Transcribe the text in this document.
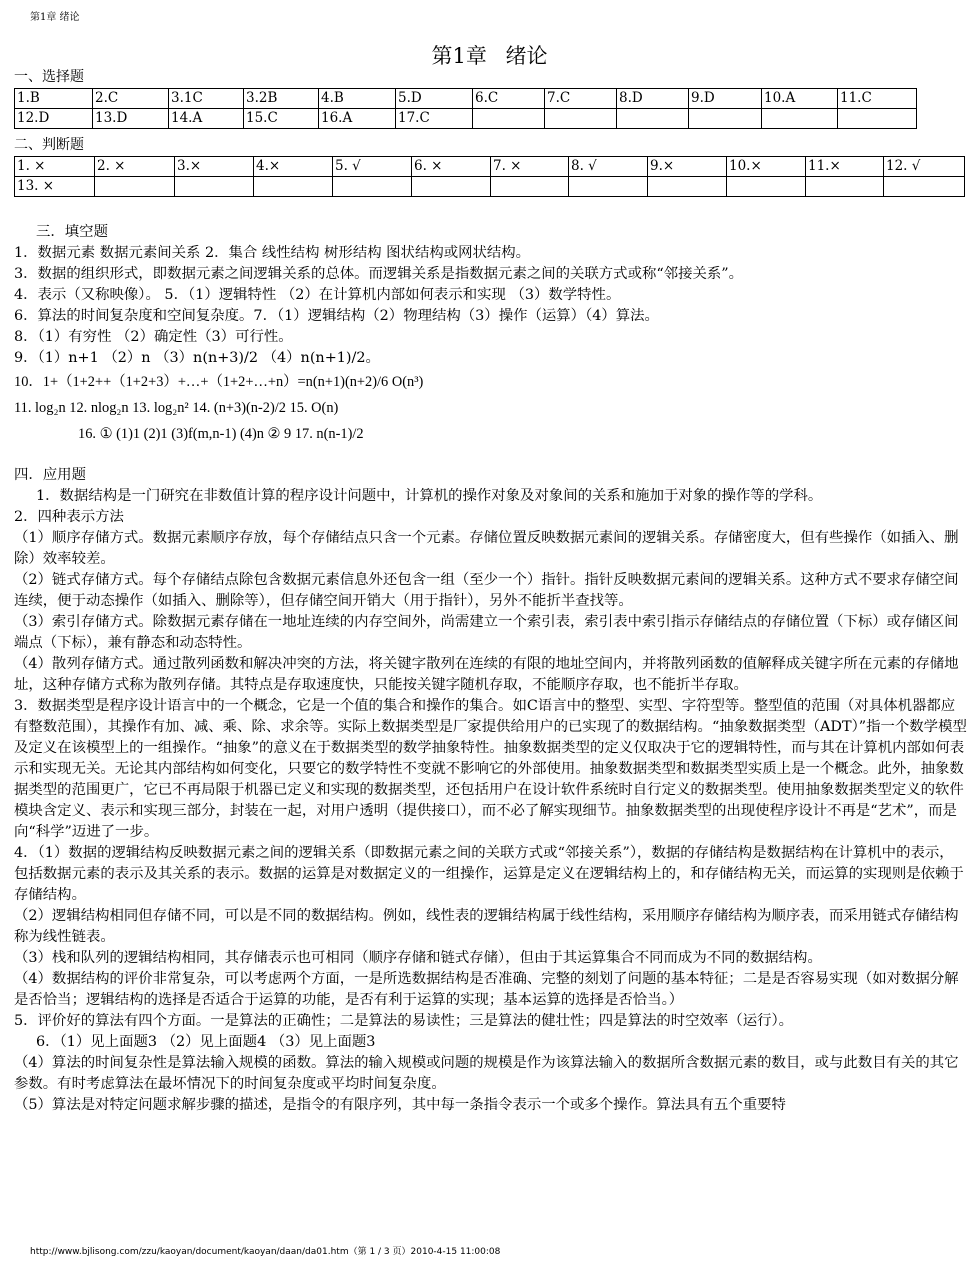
第1章 绪论
第1章 绪论
一、选择题
1.B	2.C	3.1C	3.2B	4.B	5.D	6.C	7.C	8.D	9.D	10.A	11.C
12.D	13.D	14.A	15.C	16.A	17.C						
二、判断题
1. ×	2. ×	3.×	4.×	5. √	6. ×	7. ×	8. √	9.×	10.×	11.×	12. √
13. ×											

三．填空题

1．数据元素 数据元素间关系 2．集合 线性结构 树形结构 图状结构或网状结构。

3．数据的组织形式，即数据元素之间逻辑关系的总体。而逻辑关系是指数据元素之间的关联方式或称“邻接关系”。

4．表示（又称映像）。 5．（1）逻辑特性 （2）在计算机内部如何表示和实现 （3）数学特性。

6．算法的时间复杂度和空间复杂度。7．（1）逻辑结构（2）物理结构（3）操作（运算）（4）算法。

8．（1）有穷性 （2）确定性（3）可行性。

9．（1）n+1 （2）n （3）n(n+3)/2 （4）n(n+1)/2。

10．1+（1+2++（1+2+3）+…+（1+2+…+n）=n(n+1)(n+2)/6 O(n³)

11. log₂n 12. nlog₂n 13. log₂n² 14. (n+3)(n-2)/2 15. O(n)

16. ① (1)1 (2)1 (3)f(m,n-1) (4)n ② 9 17. n(n-1)/2

四．应用题

1．数据结构是一门研究在非数值计算的程序设计问题中，计算机的操作对象及对象间的关系和施加于对象的操作等的学科。

2．四种表示方法

（1）顺序存储方式。数据元素顺序存放，每个存储结点只含一个元素。存储位置反映数据元素间的逻辑关系。存储密度大，但有些操作（如插入、删除）效率较差。

（2）链式存储方式。每个存储结点除包含数据元素信息外还包含一组（至少一个）指针。指针反映数据元素间的逻辑关系。这种方式不要求存储空间连续，便于动态操作（如插入、删除等），但存储空间开销大（用于指针），另外不能折半查找等。

（3）索引存储方式。除数据元素存储在一地址连续的内存空间外，尚需建立一个索引表，索引表中索引指示存储结点的存储位置（下标）或存储区间端点（下标），兼有静态和动态特性。

（4）散列存储方式。通过散列函数和解决冲突的方法，将关键字散列在连续的有限的地址空间内，并将散列函数的值解释成关键字所在元素的存储地址，这种存储方式称为散列存储。其特点是存取速度快，只能按关键字随机存取，不能顺序存取，也不能折半存取。

3．数据类型是程序设计语言中的一个概念，它是一个值的集合和操作的集合。如C语言中的整型、实型、字符型等。整型值的范围（对具体机器都应有整数范围），其操作有加、减、乘、除、求余等。实际上数据类型是厂家提供给用户的已实现了的数据结构。“抽象数据类型（ADT）”指一个数学模型及定义在该模型上的一组操作。“抽象”的意义在于数据类型的数学抽象特性。抽象数据类型的定义仅取决于它的逻辑特性，而与其在计算机内部如何表示和实现无关。无论其内部结构如何变化，只要它的数学特性不变就不影响它的外部使用。抽象数据类型和数据类型实质上是一个概念。此外，抽象数据类型的范围更广，它已不再局限于机器已定义和实现的数据类型，还包括用户在设计软件系统时自行定义的数据类型。使用抽象数据类型定义的软件模块含定义、表示和实现三部分，封装在一起，对用户透明（提供接口），而不必了解实现细节。抽象数据类型的出现使程序设计不再是“艺术”，而是向“科学”迈进了一步。

4．（1）数据的逻辑结构反映数据元素之间的逻辑关系（即数据元素之间的关联方式或“邻接关系”），数据的存储结构是数据结构在计算机中的表示，包括数据元素的表示及其关系的表示。数据的运算是对数据定义的一组操作，运算是定义在逻辑结构上的，和存储结构无关，而运算的实现则是依赖于存储结构。

（2）逻辑结构相同但存储不同，可以是不同的数据结构。例如，线性表的逻辑结构属于线性结构，采用顺序存储结构为顺序表，而采用链式存储结构称为线性链表。

（3）栈和队列的逻辑结构相同，其存储表示也可相同（顺序存储和链式存储），但由于其运算集合不同而成为不同的数据结构。

（4）数据结构的评价非常复杂，可以考虑两个方面，一是所选数据结构是否准确、完整的刻划了问题的基本特征；二是是否容易实现（如对数据分解是否恰当；逻辑结构的选择是否适合于运算的功能，是否有利于运算的实现；基本运算的选择是否恰当。）

5．评价好的算法有四个方面。一是算法的正确性；二是算法的易读性；三是算法的健壮性；四是算法的时空效率（运行）。

6．（1）见上面题3 （2）见上面题4 （3）见上面题3

（4）算法的时间复杂性是算法输入规模的函数。算法的输入规模或问题的规模是作为该算法输入的数据所含数据元素的数目，或与此数目有关的其它参数。有时考虑算法在最坏情况下的时间复杂度或平均时间复杂度。

（5）算法是对特定问题求解步骤的描述，是指令的有限序列，其中每一条指令表示一个或多个操作。算法具有五个重要特

http://www.bjlisong.com/zzu/kaoyan/document/kaoyan/daan/da01.htm（第 1 / 3 页）2010-4-15 11:00:08
